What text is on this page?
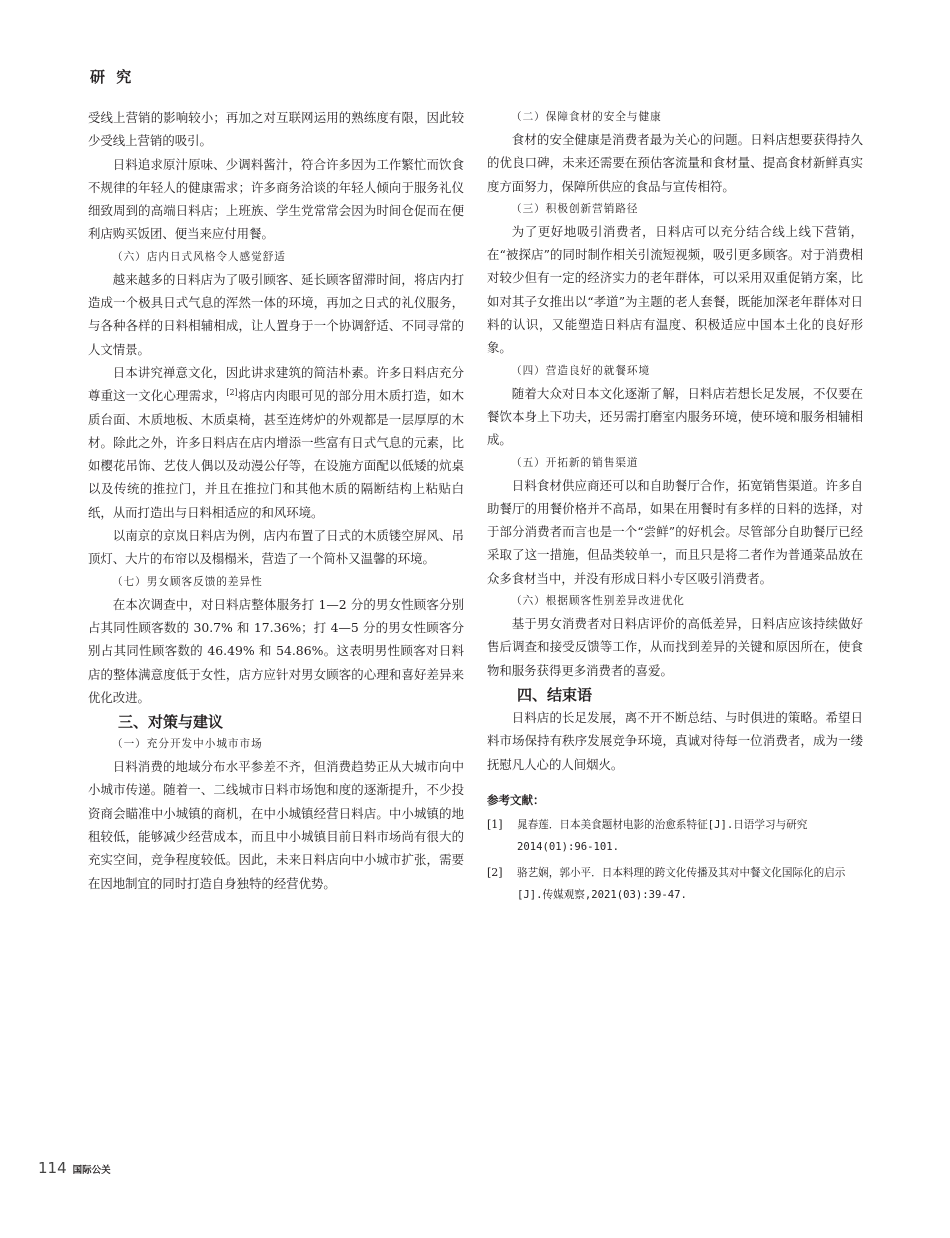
研 究

受线上营销的影响较小；再加之对互联网运用的熟练度有限，因此较少受线上营销的吸引。

日料追求原汁原味、少调料酱汁，符合许多因为工作繁忙而饮食不规律的年轻人的健康需求；许多商务洽谈的年轻人倾向于服务礼仪细致周到的高端日料店；上班族、学生党常常会因为时间仓促而在便利店购买饭团、便当来应付用餐。

（六）店内日式风格令人感觉舒适

越来越多的日料店为了吸引顾客、延长顾客留滞时间，将店内打造成一个极具日式气息的浑然一体的环境，再加之日式的礼仪服务，与各种各样的日料相辅相成，让人置身于一个协调舒适、不同寻常的人文情景。

日本讲究禅意文化，因此讲求建筑的简洁朴素。许多日料店充分尊重这一文化心理需求，[2]将店内肉眼可见的部分用木质打造，如木质台面、木质地板、木质桌椅，甚至连烤炉的外观都是一层厚厚的木材。除此之外，许多日料店在店内增添一些富有日式气息的元素，比如樱花吊饰、艺伎人偶以及动漫公仔等，在设施方面配以低矮的炕桌以及传统的推拉门，并且在推拉门和其他木质的隔断结构上粘贴白纸，从而打造出与日料相适应的和风环境。

以南京的京岚日料店为例，店内布置了日式的木质镂空屏风、吊顶灯、大片的布帘以及榻榻米，营造了一个简朴又温馨的环境。

（七）男女顾客反馈的差异性

在本次调查中，对日料店整体服务打 1—2 分的男女性顾客分别占其同性顾客数的 30.7% 和 17.36%；打 4—5 分的男女性顾客分别占其同性顾客数的 46.49% 和 54.86%。这表明男性顾客对日料店的整体满意度低于女性，店方应针对男女顾客的心理和喜好差异来优化改进。

三、对策与建议
（一）充分开发中小城市市场

日料消费的地域分布水平参差不齐，但消费趋势正从大城市向中小城市传递。随着一、二线城市日料市场饱和度的逐渐提升，不少投资商会瞄准中小城镇的商机，在中小城镇经营日料店。中小城镇的地租较低，能够减少经营成本，而且中小城镇目前日料市场尚有很大的充实空间，竞争程度较低。因此，未来日料店向中小城市扩张，需要在因地制宜的同时打造自身独特的经营优势。

（二）保障食材的安全与健康

食材的安全健康是消费者最为关心的问题。日料店想要获得持久的优良口碑，未来还需要在预估客流量和食材量、提高食材新鲜真实度方面努力，保障所供应的食品与宣传相符。

（三）积极创新营销路径

为了更好地吸引消费者，日料店可以充分结合线上线下营销，在“被探店”的同时制作相关引流短视频，吸引更多顾客。对于消费相对较少但有一定的经济实力的老年群体，可以采用双重促销方案，比如对其子女推出以“孝道”为主题的老人套餐，既能加深老年群体对日料的认识，又能塑造日料店有温度、积极适应中国本土化的良好形象。

（四）营造良好的就餐环境

随着大众对日本文化逐渐了解，日料店若想长足发展，不仅要在餐饮本身上下功夫，还另需打磨室内服务环境，使环境和服务相辅相成。

（五）开拓新的销售渠道

日料食材供应商还可以和自助餐厅合作，拓宽销售渠道。许多自助餐厅的用餐价格并不高昂，如果在用餐时有多样的日料的选择，对于部分消费者而言也是一个“尝鲜”的好机会。尽管部分自助餐厅已经采取了这一措施，但品类较单一，而且只是将二者作为普通菜品放在众多食材当中，并没有形成日料小专区吸引消费者。

（六）根据顾客性别差异改进优化

基于男女消费者对日料店评价的高低差异，日料店应该持续做好售后调查和接受反馈等工作，从而找到差异的关键和原因所在，使食物和服务获得更多消费者的喜爱。

四、结束语

日料店的长足发展，离不开不断总结、与时俱进的策略。希望日料市场保持有秩序发展竞争环境，真诚对待每一位消费者，成为一缕抚慰凡人心的人间烟火。

参考文献：
[1] 晁春莲．日本美食题材电影的治愈系特征[J].日语学习与研究2014(01):96-101.
[2] 骆艺娴，郭小平．日本料理的跨文化传播及其对中餐文化国际化的启示[J].传媒观察,2021(03):39-47.
114 国际公关
